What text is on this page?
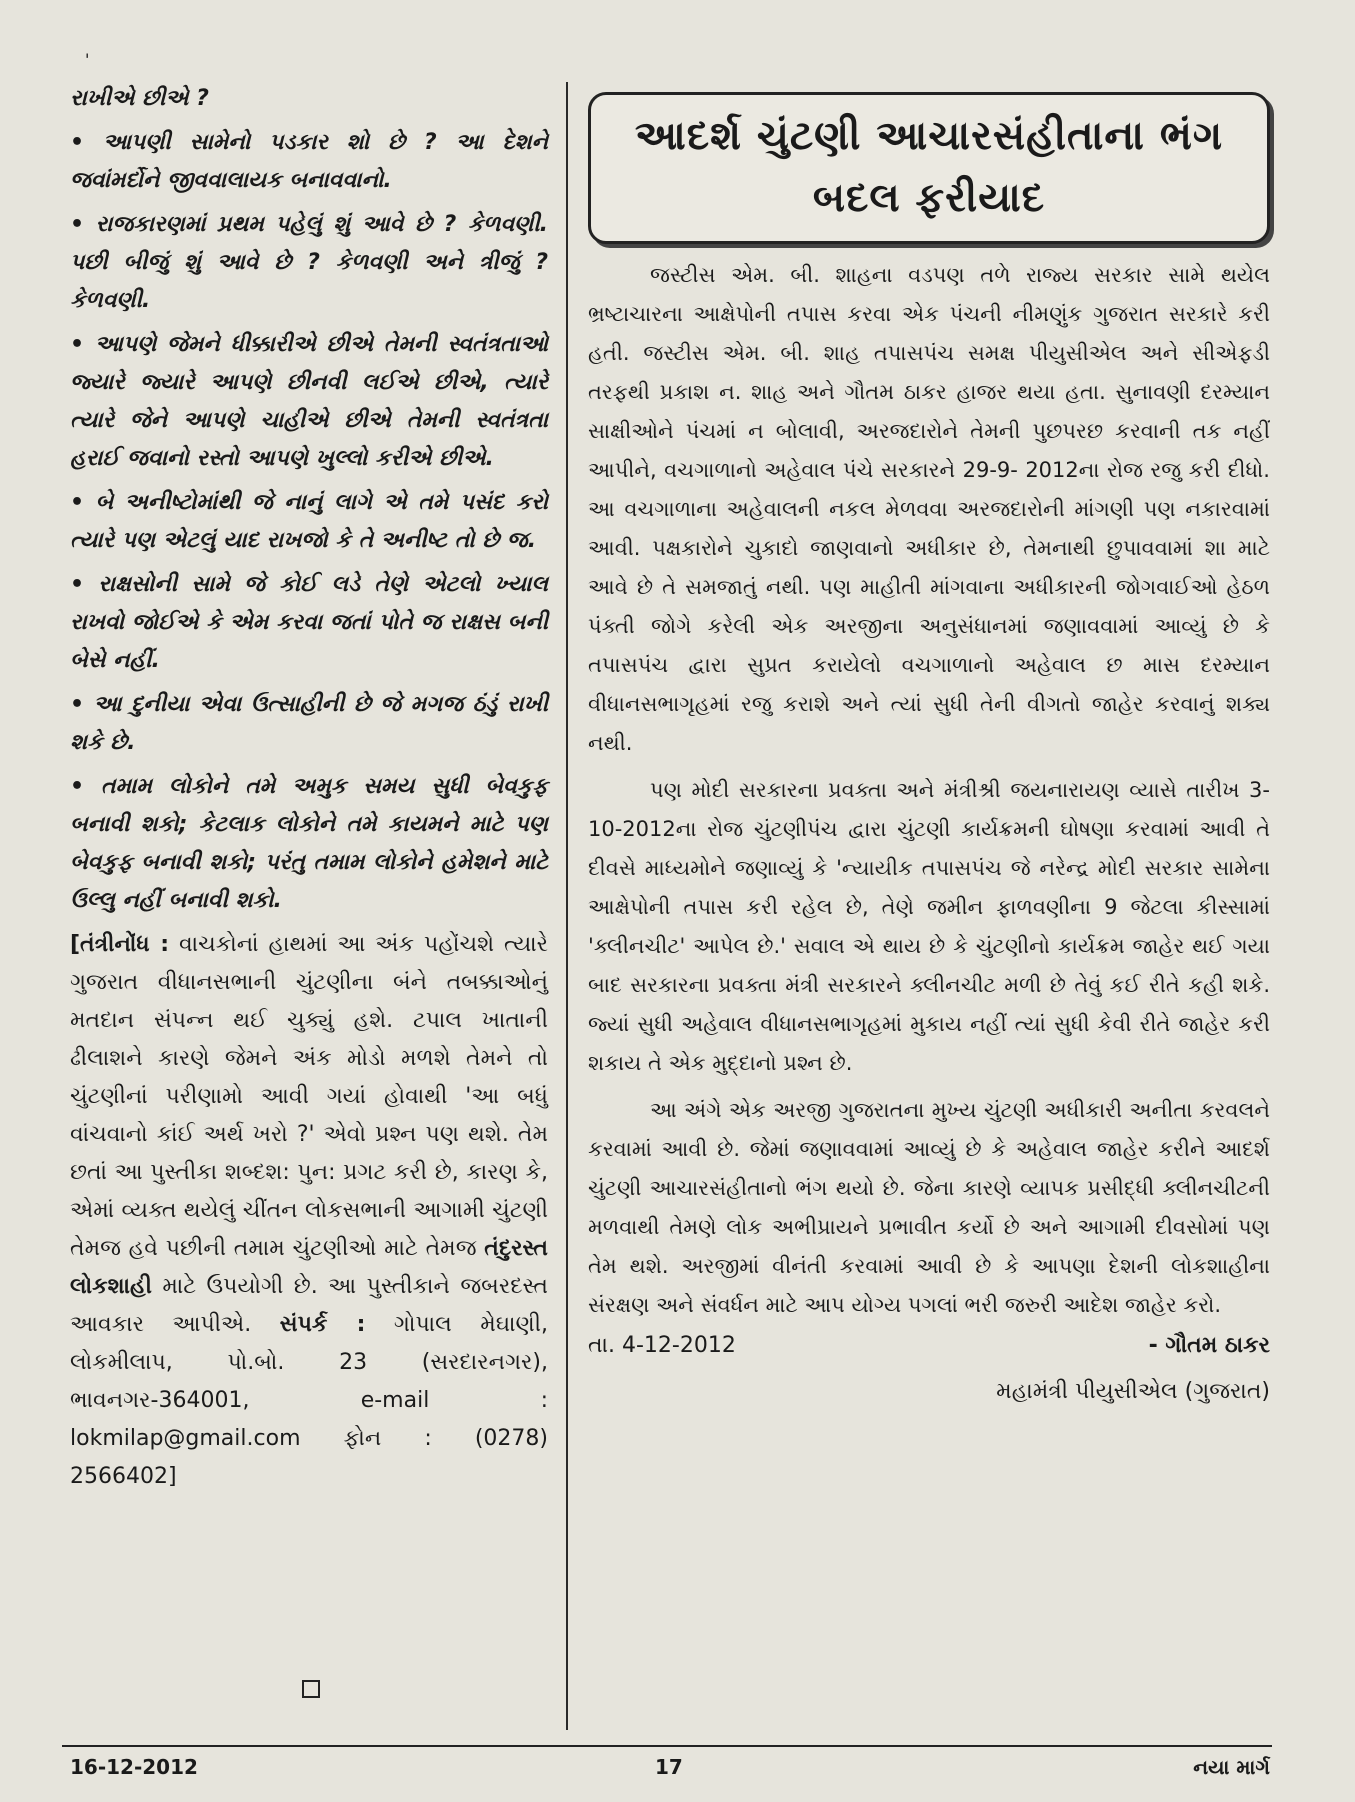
'

રાખીએ છીએ ?

• આપણી સામેનો પડકાર શો છે ? આ દેશને જવાંમર્દોને જીવવાલાયક બનાવવાનો.

• રાજકારણમાં પ્રથમ પહેલું શું આવે છે ? કેળવણી. પછી બીજું શું આવે છે ? કેળવણી અને ત્રીજું ? કેળવણી.

• આપણે જેમને ધીક્કારીએ છીએ તેમની સ્વતંત્રતાઓ જ્યારે જ્યારે આપણે છીનવી લઈએ છીએ, ત્યારે ત્યારે જેને આપણે ચાહીએ છીએ તેમની સ્વતંત્રતા હરાઈ જવાનો રસ્તો આપણે ખુલ્લો કરીએ છીએ.

• બે અનીષ્ટોમાંથી જે નાનું લાગે એ તમે પસંદ કરો ત્યારે પણ એટલું યાદ રાખજો કે તે અનીષ્ટ તો છે જ.

• રાક્ષસોની સામે જે કોઈ લડે તેણે એટલો ખ્યાલ રાખવો જોઈએ કે એમ કરવા જતાં પોતે જ રાક્ષસ બની બેસે નહીં.

• આ દુનીયા એવા ઉત્સાહીની છે જે મગજ ઠંડું રાખી શકે છે.

• તમામ લોકોને તમે અમુક સમય સુધી બેવકુફ બનાવી શકો; કેટલાક લોકોને તમે કાયમને માટે પણ બેવકુફ બનાવી શકો; પરંતુ તમામ લોકોને હમેશને માટે ઉલ્લુ નહીં બનાવી શકો.

[તંત્રીનોંધ : વાચકોનાં હાથમાં આ અંક પહોંચશે ત્યારે ગુજરાત વીધાનસભાની ચુંટણીના બંને તબક્કાઓનું મતદાન સંપન્ન થઈ ચુક્યું હશે. ટપાલ ખાતાની ઢીલાશને કારણે જેમને અંક મોડો મળશે તેમને તો ચુંટણીનાં પરીણામો આવી ગયાં હોવાથી 'આ બધું વાંચવાનો કાંઈ અર્થ ખરો ?' એવો પ્રશ્ન પણ થશે. તેમ છતાં આ પુસ્તીકા શબ્દશ: પુન: પ્રગટ કરી છે, કારણ કે, એમાં વ્યક્ત થયેલું ચીંતન લોકસભાની આગામી ચુંટણી તેમજ હવે પછીની તમામ ચુંટણીઓ માટે તેમજ તંદુરસ્ત લોકશાહી માટે ઉપયોગી છે. આ પુસ્તીકાને જબરદસ્ત આવકાર આપીએ. સંપર્ક : ગોપાલ મેઘાણી, લોકમીલાપ, પો.બો. 23 (સરદારનગર), ભાવનગર-364001, e-mail : lokmilap@gmail.com ફોન : (0278) 2566402]
આદર્શ ચુંટણી આચારસંહીતાના ભંગ
બદલ ફરીયાદ

જસ્ટીસ એમ. બી. શાહના વડપણ તળે રાજ્ય સરકાર સામે થયેલ ભ્રષ્ટાચારના આક્ષેપોની તપાસ કરવા એક પંચની નીમણુંક ગુજરાત સરકારે કરી હતી. જસ્ટીસ એમ. બી. શાહ તપાસપંચ સમક્ષ પીયુસીએલ અને સીએફડી તરફથી પ્રકાશ ન. શાહ અને ગૌતમ ઠાકર હાજર થયા હતા. સુનાવણી દરમ્યાન સાક્ષીઓને પંચમાં ન બોલાવી, અરજદારોને તેમની પુછપરછ કરવાની તક નહીં આપીને, વચગાળાનો અહેવાલ પંચે સરકારને 29-9- 2012ના રોજ રજુ કરી દીધો. આ વચગાળાના અહેવાલની નકલ મેળવવા અરજદારોની માંગણી પણ નકારવામાં આવી. પક્ષકારોને ચુકાદો જાણવાનો અધીકાર છે, તેમનાથી છુપાવવામાં શા માટે આવે છે તે સમજાતું નથી. પણ માહીતી માંગવાના અધીકારની જોગવાઈઓ હેઠળ પંક્તી જોગે કરેલી એક અરજીના અનુસંધાનમાં જણાવવામાં આવ્યું છે કે તપાસપંચ દ્વારા સુપ્રત કરાયેલો વચગાળાનો અહેવાલ છ માસ દરમ્યાન વીધાનસભાગૃહમાં રજુ કરાશે અને ત્યાં સુધી તેની વીગતો જાહેર કરવાનું શક્ય નથી.

પણ મોદી સરકારના પ્રવક્તા અને મંત્રીશ્રી જયનારાયણ વ્યાસે તારીખ 3-10-2012ના રોજ ચુંટણીપંચ દ્વારા ચુંટણી કાર્યક્રમની ઘોષણા કરવામાં આવી તે દીવસે માધ્યમોને જણાવ્યું કે 'ન્યાયીક તપાસપંચ જે નરેન્દ્ર મોદી સરકાર સામેના આક્ષેપોની તપાસ કરી રહેલ છે, તેણે જમીન ફાળવણીના 9 જેટલા કીસ્સામાં 'ક્લીનચીટ' આપેલ છે.' સવાલ એ થાય છે કે ચુંટણીનો કાર્યક્રમ જાહેર થઈ ગયા બાદ સરકારના પ્રવક્તા મંત્રી સરકારને ક્લીનચીટ મળી છે તેવું કઈ રીતે કહી શકે. જ્યાં સુધી અહેવાલ વીધાનસભાગૃહમાં મુકાય નહીં ત્યાં સુધી કેવી રીતે જાહેર કરી શકાય તે એક મુદ્દાનો પ્રશ્ન છે.

આ અંગે એક અરજી ગુજરાતના મુખ્ય ચુંટણી અધીકારી અનીતા કરવલને કરવામાં આવી છે. જેમાં જણાવવામાં આવ્યું છે કે અહેવાલ જાહેર કરીને આદર્શ ચુંટણી આચારસંહીતાનો ભંગ થયો છે. જેના કારણે વ્યાપક પ્રસીદ્ધી ક્લીનચીટની મળવાથી તેમણે લોક અભીપ્રાયને પ્રભાવીત કર્યો છે અને આગામી દીવસોમાં પણ તેમ થશે. અરજીમાં વીનંતી કરવામાં આવી છે કે આપણા દેશની લોકશાહીના સંરક્ષણ અને સંવર્ધન માટે આપ યોગ્ય પગલાં ભરી જરુરી આદેશ જાહેર કરો.

તા. 4-12-2012	- ગૌતમ ઠાકર
મહામંત્રી પીયુસીએલ (ગુજરાત)
16-12-2012	17	નયા માર્ગ
